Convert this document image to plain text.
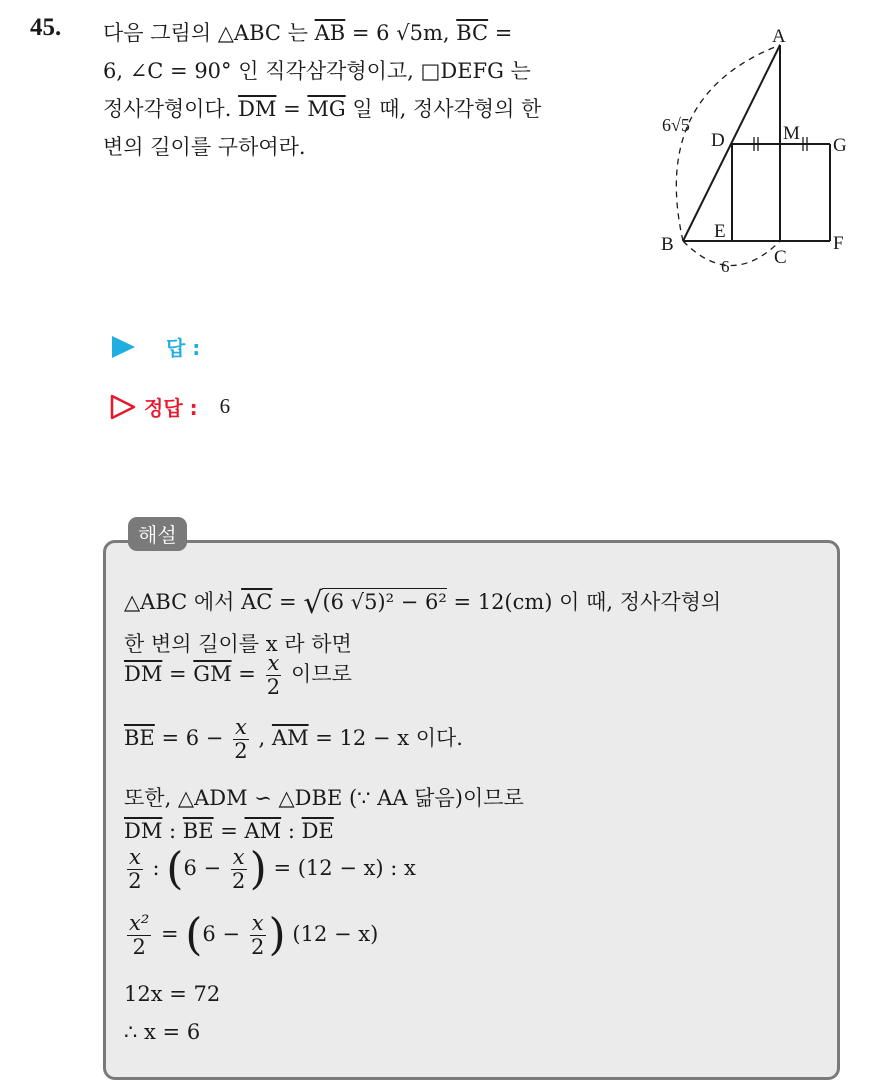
45. 다음 그림의 △ABC 는 $\overline{AB} = 6$ √5m, $\overline{BC}$ =
6, ∠C = 90° 인 직각삼각형이고, □DEFG 는
정사각형이다. $\overline{DM} = \overline{MG}$ 일 때, 정사각형의 한
변의 길이를 구하여라.
A
B
C
D
E
F
G
M
6√5
6
답 :
정답 : 6
해설
△ABC 에서 $\overline{AC} = √(6$ √5)² − 6² = 12(cm) 이 때, 정사각형의
한 변의 길이를 x 라 하면
$\overline{DM} = \overline{GM} = \frac{x}{2}$ 이므로
$\overline{BE} = 6 - \frac{x}{2}$ , $\overline{AM} = 12 - x$ 이다.
또한, △ADM ∽ △DBE (∵ AA 닮음)이므로
$\overline{DM}$ : $\overline{BE} = \overline{AM}$ : $\overline{DE}$
$\frac{x}{2}$ : ($6 - \frac{x}{2}$ ) = (12 − x) : x
$\frac{\text{x²}}{2} = (6 - \frac{x}{2}$ ) (12 − x)
12x = 72
∴ x = 6
